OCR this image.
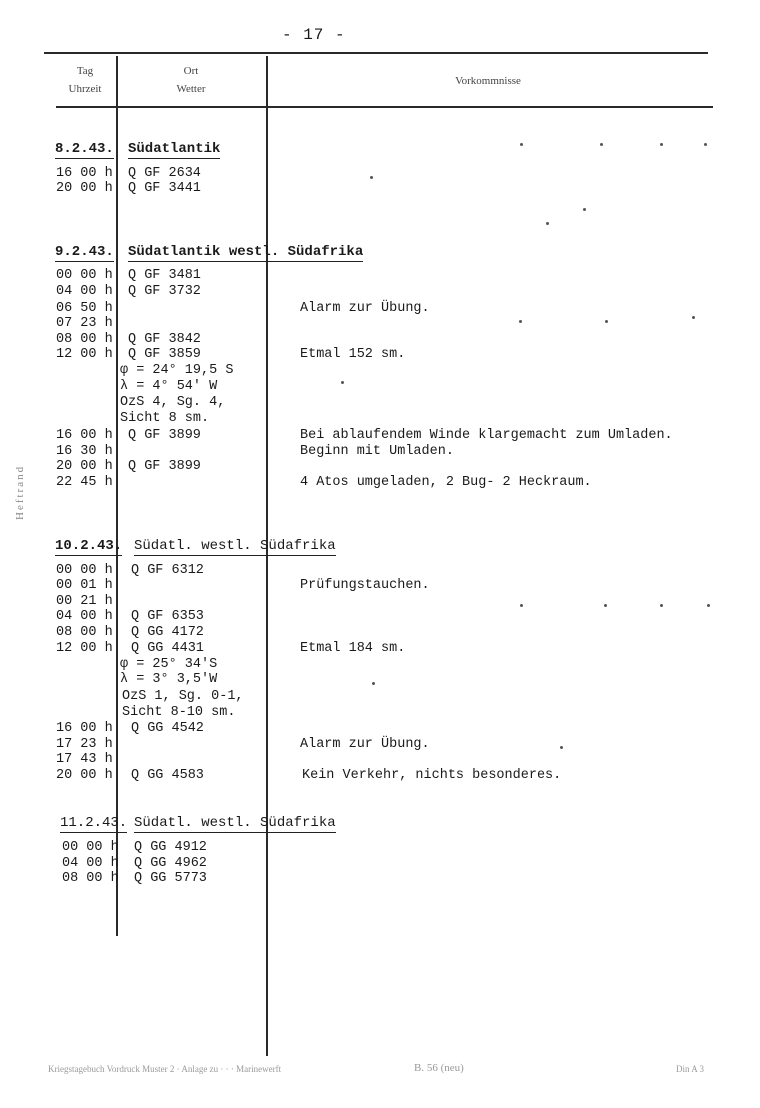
- 17 -
Tag
Uhrzeit
Ort
Wetter
Vorkommnisse
Heftrand
8.2.43. Südatlantik
16 00 h Q GF 2634
20 00 h Q GF 3441
9.2.43. Südatlantik westl. Südafrika
00 00 h Q GF 3481
04 00 h Q GF 3732
06 50 h	Alarm zur Übung.
07 23 h
08 00 h Q GF 3842
12 00 h Q GF 3859	Etmal 152 sm.
φ = 24° 19,5 S
λ = 4° 54' W
OzS 4, Sg. 4,
Sicht 8 sm.
16 00 h Q GF 3899	Bei ablaufendem Winde klargemacht zum Umladen.
16 30 h	Beginn mit Umladen.
20 00 h Q GF 3899
22 45 h	4 Atos umgeladen, 2 Bug- 2 Heckraum.
10.2.43. Südatl. westl. Südafrika
00 00 h Q GF 6312
00 01 h	Prüfungstauchen.
00 21 h
04 00 h Q GF 6353
08 00 h Q GG 4172
12 00 h Q GG 4431	Etmal 184 sm.
φ = 25° 34'S
λ = 3° 3,5'W
OzS 1, Sg. 0-1,
Sicht 8-10 sm.
16 00 h Q GG 4542
17 23 h	Alarm zur Übung.
17 43 h
20 00 h Q GG 4583	Kein Verkehr, nichts besonderes.
11.2.43. Südatl. westl. Südafrika
00 00 h Q GG 4912
04 00 h Q GG 4962
08 00 h Q GG 5773
Kriegstagebuch Vordruck Muster 2 · Anlage zu · · · Marinewerft	B. 56 (neu)	Din A 3
